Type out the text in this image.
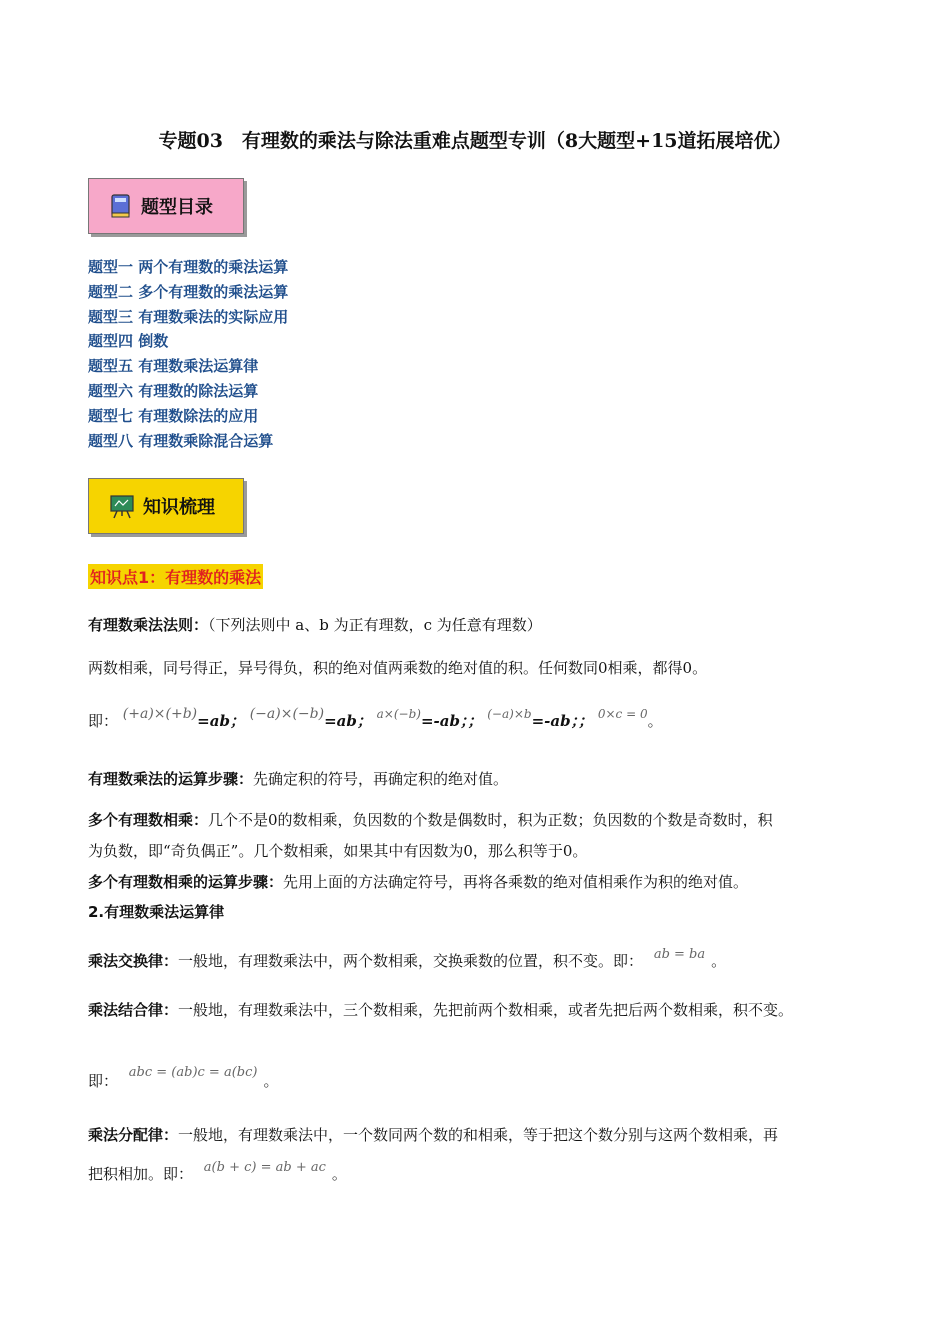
专题03　有理数的乘法与除法重难点题型专训（8大题型+15道拓展培优）
题型目录
题型一 两个有理数的乘法运算
题型二 多个有理数的乘法运算
题型三 有理数乘法的实际应用
题型四 倒数
题型五 有理数乘法运算律
题型六 有理数的除法运算
题型七 有理数除法的应用
题型八 有理数乘除混合运算
知识梳理
知识点1：有理数的乘法
有理数乘法法则：（下列法则中 a、b 为正有理数，c 为任意有理数）
两数相乘，同号得正，异号得负，积的绝对值两乘数的绝对值的积。任何数同0相乘，都得0。
即： (+a)×(+b)=ab； (−a)×(−b)=ab； $^{a\times(-b)}$=-ab；； $^{(-a)\times b}$=-ab；； $^{0\times c = 0}$。
有理数乘法的运算步骤：先确定积的符号，再确定积的绝对值。
多个有理数相乘：几个不是0的数相乘，负因数的个数是偶数时，积为正数；负因数的个数是奇数时，积
为负数，即“奇负偶正”。几个数相乘，如果其中有因数为0，那么积等于0。
多个有理数相乘的运算步骤：先用上面的方法确定符号，再将各乘数的绝对值相乘作为积的绝对值。
2.有理数乘法运算律
乘法交换律：一般地，有理数乘法中，两个数相乘，交换乘数的位置，积不变。即： ab = ba 。
乘法结合律：一般地，有理数乘法中，三个数相乘，先把前两个数相乘，或者先把后两个数相乘，积不变。
即： abc = (ab)c = a(bc) 。
乘法分配律：一般地，有理数乘法中，一个数同两个数的和相乘，等于把这个数分别与这两个数相乘，再
把积相加。即： a(b + c) = ab + ac 。
